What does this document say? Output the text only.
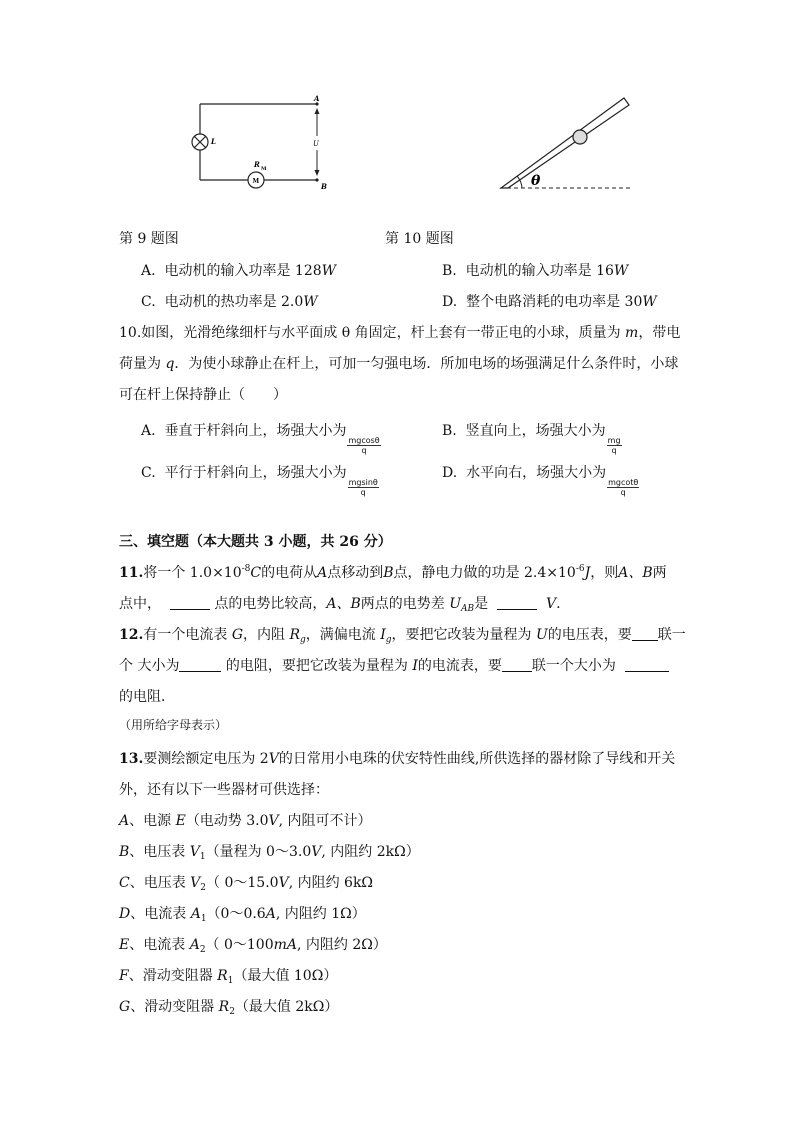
A
B
U
L
R M
M	θ
第 9 题图	第 10 题图
A. 电动机的输入功率是 128W	B. 电动机的输入功率是 16W
C. 电动机的热功率是 2.0W	D. 整个电路消耗的电功率是 30W
10.如图，光滑绝缘细杆与水平面成 θ 角固定，杆上套有一带正电的小球，质量为 m，带电
荷量为 q．为使小球静止在杆上，可加一匀强电场．所加电场的场强满足什么条件时，小球
可在杆上保持静止（　　）
A. 垂直于杆斜向上，场强大小为
$\frac{mgcos\theta}{q}$
B. 竖直向上，场强大小为
$\frac{mg}{q}$
C. 平行于杆斜向上，场强大小为
$\frac{mgsin\theta}{q}$
D. 水平向右，场强大小为
$\frac{mgcot\theta}{q}$
三、填空题（本大题共 3 小题，共 26 分）
11.将一个 $1.0\times 10^{-8}C$的电荷从A点移动到B点，静电力做的功是 $2.4\times 10^{-6}J$，则A、B两
点中，	点的电势比较高，A、B两点的电势差 $U_{AB}$是	V.
12.有一个电流表 G，内阻 $R_g$，满偏电流 $I_g$，要把它改装为量程为 U的电压表，要 联一
个 大小为	的电阻，要把它改装为量程为 I的电流表，要 联一个大小为
的电阻．
（用所给字母表示）
13.要测绘额定电压为 2V的日常用小电珠的伏安特性曲线,所供选择的器材除了导线和开关
外，还有以下一些器材可供选择：
A、电源 E（电动势 3.0V, 内阻可不计）
B、电压表 $V_1$（量程为 0～3.0V, 内阻约 2kΩ）
C、电压表 $V_2$（ 0～15.0V, 内阻约 6kΩ
D、电流表 $A_1(0\sim 0.6A$, 内阻约 1Ω）
E、电流表 $A_2$（ 0～100mA, 内阻约 2Ω）
F、滑动变阻器 $R_1$（最大值 10Ω）
G、滑动变阻器 $R_2$（最大值 2kΩ）
